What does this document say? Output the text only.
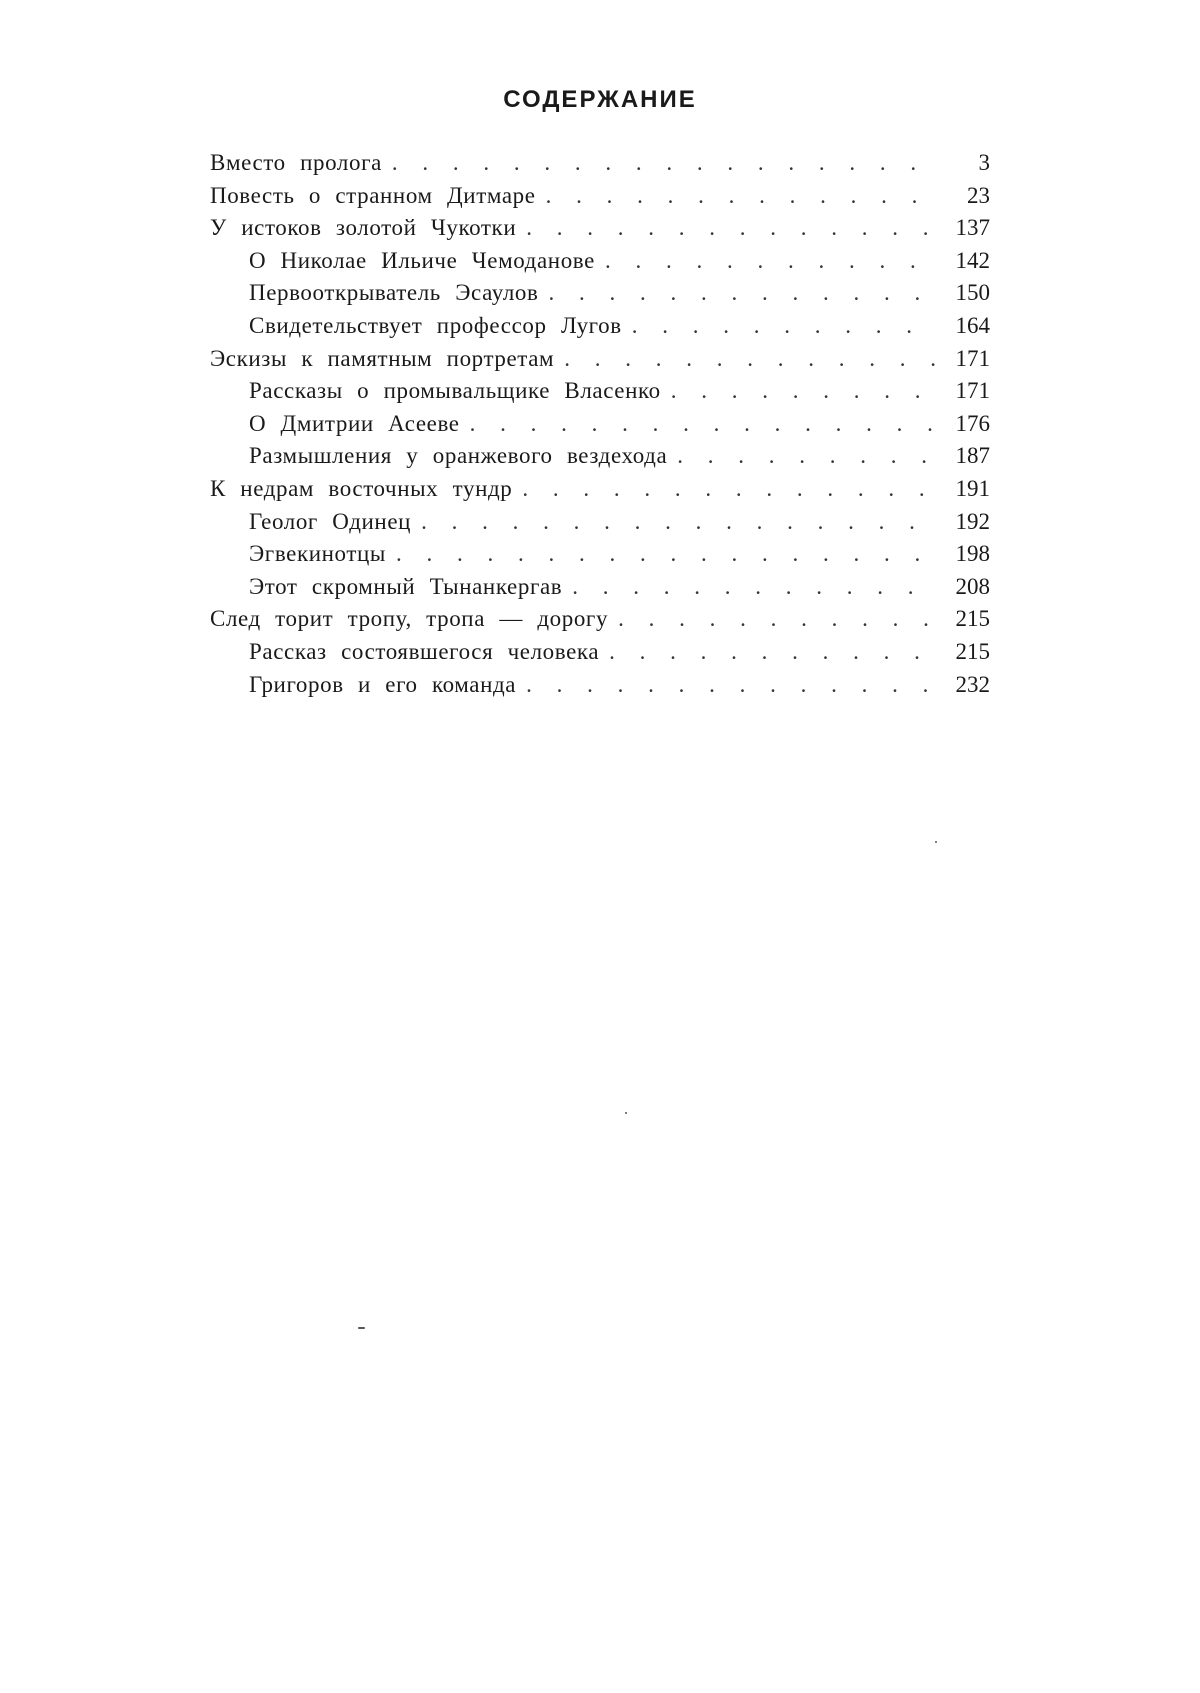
СОДЕРЖАНИЕ
Вместо пролога . . .	3
Повесть о странном Дитмаре . . .	23
У истоков золотой Чукотки . . .	137
О Николае Ильиче Чемоданове . . .	142
Первооткрыватель Эсаулов . . .	150
Свидетельствует профессор Лугов . . .	164
Эскизы к памятным портретам . . .	171
Рассказы о промывальщике Власенко . . .	171
О Дмитрии Асееве . . .	176
Размышления у оранжевого вездехода . . .	187
К недрам восточных тундр . . .	191
Геолог Одинец . . .	192
Эгвекинотцы . . .	198
Этот скромный Тынанкергав . . .	208
След торит тропу, тропа — дорогу . . .	215
Рассказ состоявшегося человека . . .	215
Григоров и его команда . . .	232
